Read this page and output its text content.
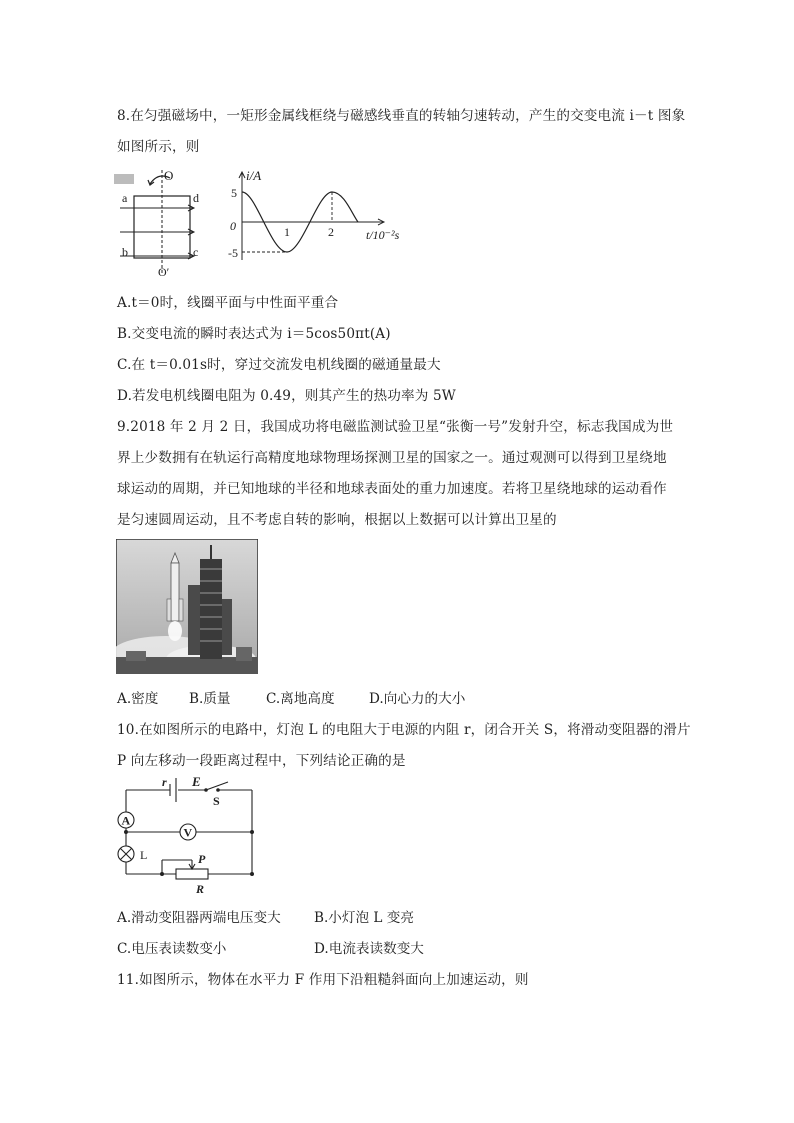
8.在匀强磁场中，一矩形金属线框绕与磁感线垂直的转轴匀速转动，产生的交变电流 i－t 图象
如图所示，则
O
a	d
b	c
O′
i/A
5
-5
0	1	2	t/10⁻²s
A.t＝0时，线圈平面与中性面平重合
B.交变电流的瞬时表达式为 i＝5cos50πt(A)
C.在 t＝0.01s时，穿过交流发电机线圈的磁通量最大
D.若发电机线圈电阻为 0.49，则其产生的热功率为 5W
9.2018 年 2 月 2 日，我国成功将电磁监测试验卫星“张衡一号”发射升空，标志我国成为世
界上少数拥有在轨运行高精度地球物理场探测卫星的国家之一。通过观测可以得到卫星绕地
球运动的周期，并已知地球的半径和地球表面处的重力加速度。若将卫星绕地球的运动看作
是匀速圆周运动，且不考虑自转的影响，根据以上数据可以计算出卫星的
A.密度 B.质量	C.离地高度	D.向心力的大小
10.在如图所示的电路中，灯泡 L 的电阻大于电源的内阻 r，闭合开关 S，将滑动变阻器的滑片
P 向左移动一段距离过程中，下列结论正确的是
A
V
L
r E
S
P
R
A.滑动变阻器两端电压变大 B.小灯泡 L 变亮
C.电压表读数变小	D.电流表读数变大
11.如图所示，物体在水平力 F 作用下沿粗糙斜面向上加速运动，则
